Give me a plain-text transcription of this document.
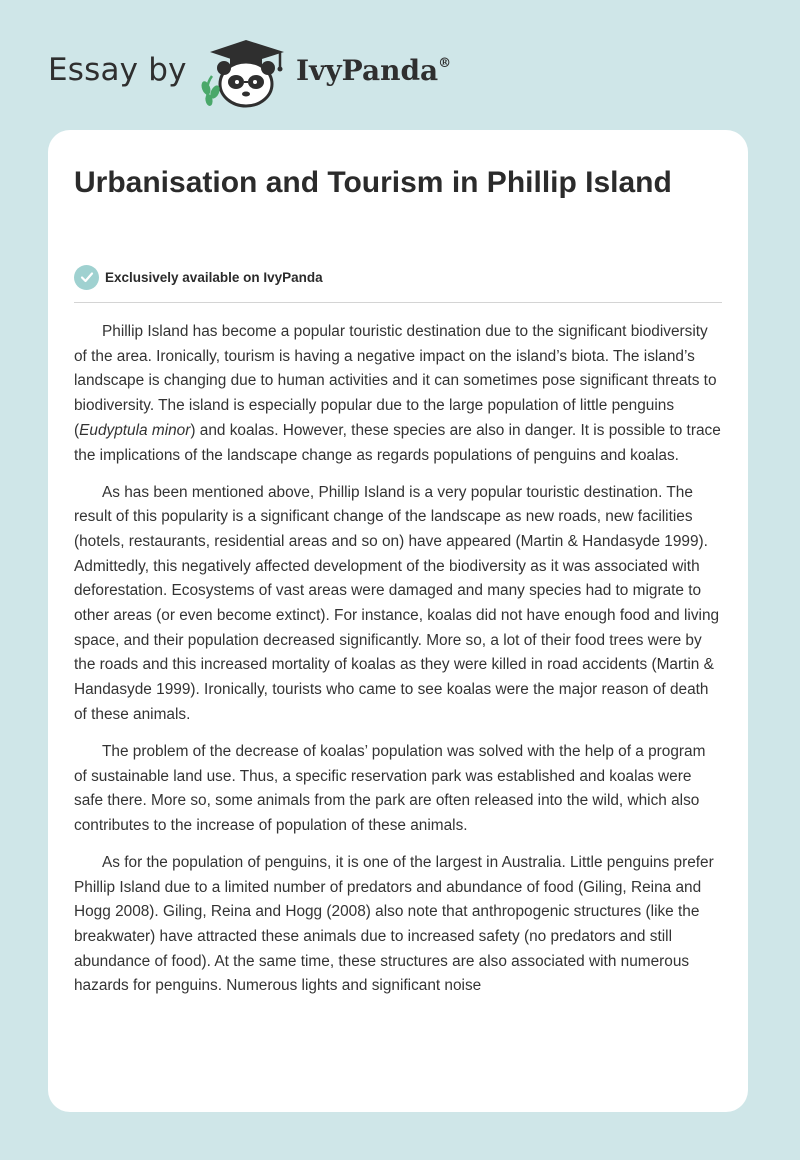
Essay by	IvyPanda®
Urbanisation and Tourism in Phillip Island
Exclusively available on IvyPanda

Phillip Island has become a popular touristic destination due to the significant biodiversity of the area. Ironically, tourism is having a negative impact on the island’s biota. The island’s landscape is changing due to human activities and it can sometimes pose significant threats to biodiversity. The island is especially popular due to the large population of little penguins (Eudyptula minor) and koalas. However, these species are also in danger. It is possible to trace the implications of the landscape change as regards populations of penguins and koalas.

As has been mentioned above, Phillip Island is a very popular touristic destination. The result of this popularity is a significant change of the landscape as new roads, new facilities (hotels, restaurants, residential areas and so on) have appeared (Martin & Handasyde 1999). Admittedly, this negatively affected development of the biodiversity as it was associated with deforestation. Ecosystems of vast areas were damaged and many species had to migrate to other areas (or even become extinct). For instance, koalas did not have enough food and living space, and their population decreased significantly. More so, a lot of their food trees were by the roads and this increased mortality of koalas as they were killed in road accidents (Martin & Handasyde 1999). Ironically, tourists who came to see koalas were the major reason of death of these animals.

The problem of the decrease of koalas’ population was solved with the help of a program of sustainable land use. Thus, a specific reservation park was established and koalas were safe there. More so, some animals from the park are often released into the wild, which also contributes to the increase of population of these animals.

As for the population of penguins, it is one of the largest in Australia. Little penguins prefer Phillip Island due to a limited number of predators and abundance of food (Giling, Reina and Hogg 2008). Giling, Reina and Hogg (2008) also note that anthropogenic structures (like the breakwater) have attracted these animals due to increased safety (no predators and still abundance of food). At the same time, these structures are also associated with numerous hazards for penguins. Numerous lights and significant noise
